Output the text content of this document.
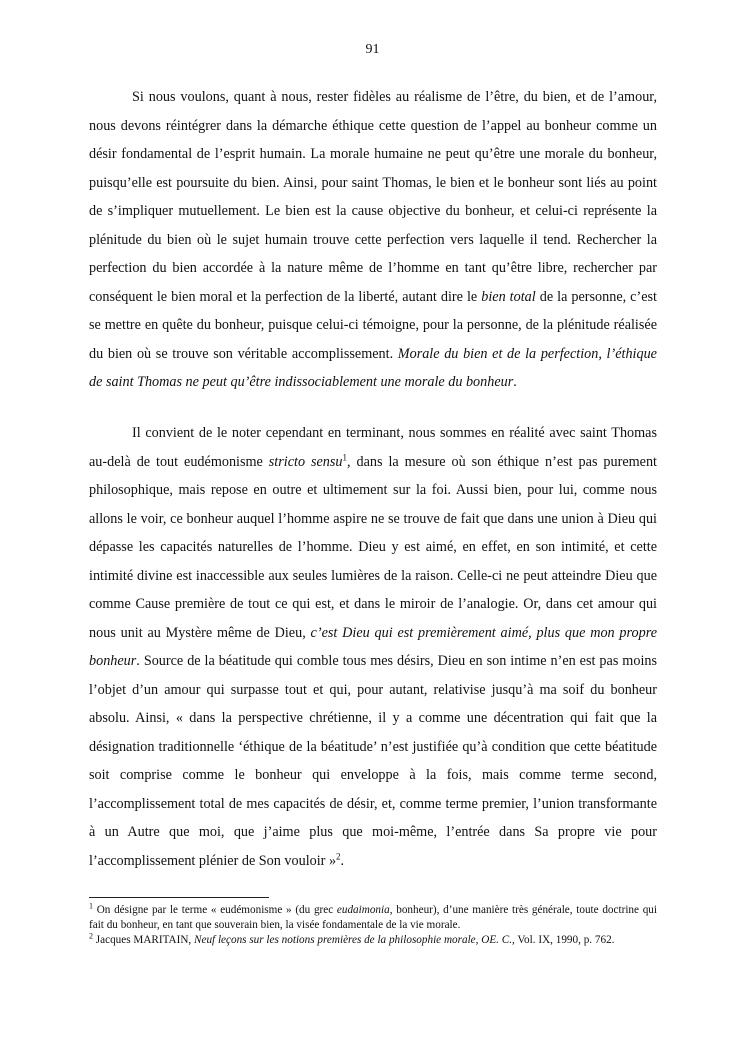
91

Si nous voulons, quant à nous, rester fidèles au réalisme de l’être, du bien, et de l’amour, nous devons réintégrer dans la démarche éthique cette question de l’appel au bonheur comme un désir fondamental de l’esprit humain. La morale humaine ne peut qu’être une morale du bonheur, puisqu’elle est poursuite du bien. Ainsi, pour saint Thomas, le bien et le bonheur sont liés au point de s’impliquer mutuellement. Le bien est la cause objective du bonheur, et celui-ci représente la plénitude du bien où le sujet humain trouve cette perfection vers laquelle il tend. Rechercher la perfection du bien accordée à la nature même de l’homme en tant qu’être libre, rechercher par conséquent le bien moral et la perfection de la liberté, autant dire le bien total de la personne, c’est se mettre en quête du bonheur, puisque celui-ci témoigne, pour la personne, de la plénitude réalisée du bien où se trouve son véritable accomplissement. Morale du bien et de la perfection, l’éthique de saint Thomas ne peut qu’être indissociablement une morale du bonheur.

Il convient de le noter cependant en terminant, nous sommes en réalité avec saint Thomas au-delà de tout eudémonisme stricto sensu$^1$, dans la mesure où son éthique n’est pas purement philosophique, mais repose en outre et ultimement sur la foi. Aussi bien, pour lui, comme nous allons le voir, ce bonheur auquel l’homme aspire ne se trouve de fait que dans une union à Dieu qui dépasse les capacités naturelles de l’homme. Dieu y est aimé, en effet, en son intimité, et cette intimité divine est inaccessible aux seules lumières de la raison. Celle-ci ne peut atteindre Dieu que comme Cause première de tout ce qui est, et dans le miroir de l’analogie. Or, dans cet amour qui nous unit au Mystère même de Dieu, c’est Dieu qui est premièrement aimé, plus que mon propre bonheur. Source de la béatitude qui comble tous mes désirs, Dieu en son intime n’en est pas moins l’objet d’un amour qui surpasse tout et qui, pour autant, relativise jusqu’à ma soif du bonheur absolu. Ainsi, « dans la perspective chrétienne, il y a comme une décentration qui fait que la désignation traditionnelle ‘éthique de la béatitude’ n’est justifiée qu’à condition que cette béatitude soit comprise comme le bonheur qui enveloppe à la fois, mais comme terme second, l’accomplissement total de mes capacités de désir, et, comme terme premier, l’union transformante à un Autre que moi, que j’aime plus que moi-même, l’entrée dans Sa propre vie pour l’accomplissement plénier de Son vouloir »$^2$.

$^1$ On désigne par le terme « eudémonisme » (du grec eudaimonia, bonheur), d’une manière très générale, toute doctrine qui fait du bonheur, en tant que souverain bien, la visée fondamentale de la vie morale.

$^2$ Jacques MARITAIN, Neuf leçons sur les notions premières de la philosophie morale, OE. C., Vol. IX, 1990, p. 762.
